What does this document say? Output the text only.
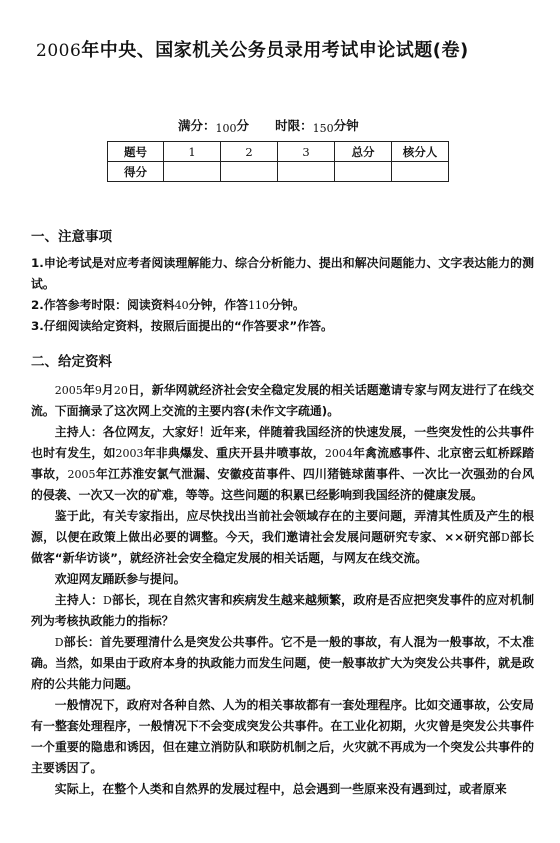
2006年中央、国家机关公务员录用考试申论试题(卷)
满分：100分 时限：150分钟
题号	1	2	3	总分	核分人
得分					
一、注意事项
1.申论考试是对应考者阅读理解能力、综合分析能力、提出和解决问题能力、文字表达能力的测试。
2.作答参考时限：阅读资料40分钟，作答110分钟。
3.仔细阅读给定资料，按照后面提出的“作答要求”作答。
二、给定资料
2005年9月20日，新华网就经济社会安全稳定发展的相关话题邀请专家与网友进行了在线交流。下面摘录了这次网上交流的主要内容(未作文字疏通)。
主持人：各位网友，大家好！近年来，伴随着我国经济的快速发展，一些突发性的公共事件也时有发生，如2003年非典爆发、重庆开县井喷事故，2004年禽流感事件、北京密云虹桥踩踏事故，2005年江苏淮安氯气泄漏、安徽疫苗事件、四川猪链球菌事件、一次比一次强劲的台风的侵袭、一次又一次的矿难，等等。这些问题的积累已经影响到我国经济的健康发展。
鉴于此，有关专家指出，应尽快找出当前社会领域存在的主要问题，弄清其性质及产生的根源，以便在政策上做出必要的调整。今天，我们邀请社会发展问题研究专家、××研究部D部长做客“新华访谈”，就经济社会安全稳定发展的相关话题，与网友在线交流。
欢迎网友踊跃参与提问。
主持人：D部长，现在自然灾害和疾病发生越来越频繁，政府是否应把突发事件的应对机制列为考核执政能力的指标？
D部长：首先要理清什么是突发公共事件。它不是一般的事故，有人混为一般事故，不太准确。当然，如果由于政府本身的执政能力而发生问题，使一般事故扩大为突发公共事件，就是政府的公共能力问题。
一般情况下，政府对各种自然、人为的相关事故都有一套处理程序。比如交通事故，公安局有一整套处理程序，一般情况下不会变成突发公共事件。在工业化初期，火灾曾是突发公共事件一个重要的隐患和诱因，但在建立消防队和联防机制之后，火灾就不再成为一个突发公共事件的主要诱因了。
实际上，在整个人类和自然界的发展过程中，总会遇到一些原来没有遇到过，或者原来
